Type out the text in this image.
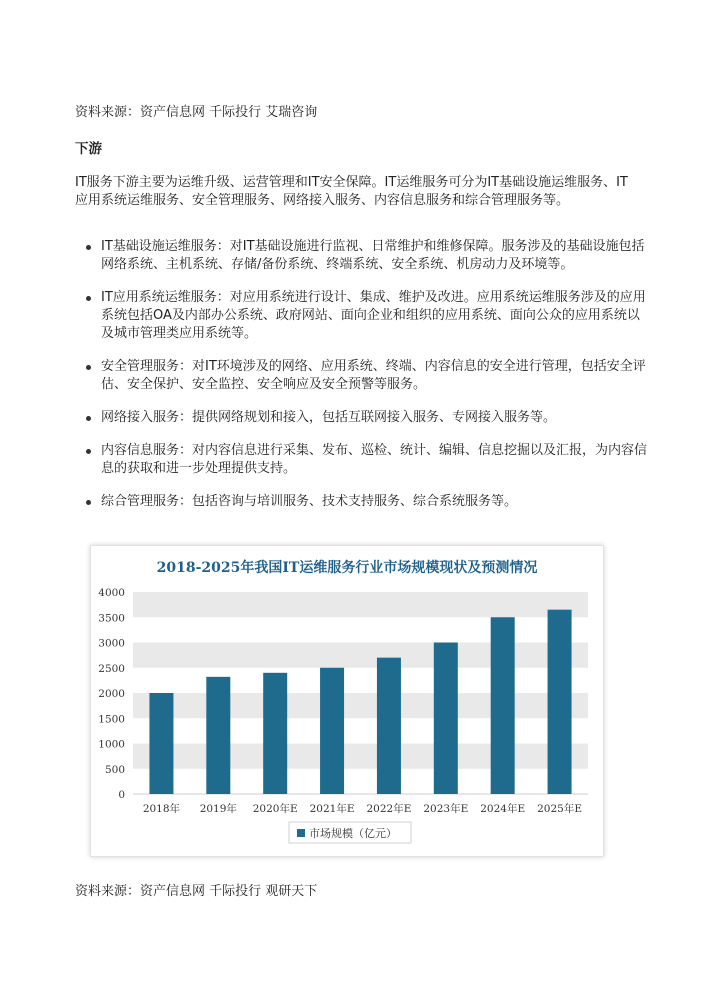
资料来源：资产信息网 千际投行 艾瑞咨询
下游
IT服务下游主要为运维升级、运营管理和IT安全保障。IT运维服务可分为IT基础设施运维服务、IT应用系统运维服务、安全管理服务、网络接入服务、内容信息服务和综合管理服务等。
IT基础设施运维服务：对IT基础设施进行监视、日常维护和维修保障。服务涉及的基础设施包括网络系统、主机系统、存储/备份系统、终端系统、安全系统、机房动力及环境等。
IT应用系统运维服务：对应用系统进行设计、集成、维护及改进。应用系统运维服务涉及的应用系统包括OA及内部办公系统、政府网站、面向企业和组织的应用系统、面向公众的应用系统以及城市管理类应用系统等。
安全管理服务：对IT环境涉及的网络、应用系统、终端、内容信息的安全进行管理，包括安全评估、安全保护、安全监控、安全响应及安全预警等服务。
网络接入服务：提供网络规划和接入，包括互联网接入服务、专网接入服务等。
内容信息服务：对内容信息进行采集、发布、巡检、统计、编辑、信息挖掘以及汇报，为内容信息的获取和进一步处理提供支持。
综合管理服务：包括咨询与培训服务、技术支持服务、综合系统服务等。
2018-2025年我国IT运维服务行业市场规模现状及预测情况
0
500
1000
1500
2000
2500
3000
3500
4000
2018年 2019年 2020年E 2021年E 2022年E 2023年E 2024年E 2025年E
市场规模（亿元）
资料来源：资产信息网 千际投行 观研天下
